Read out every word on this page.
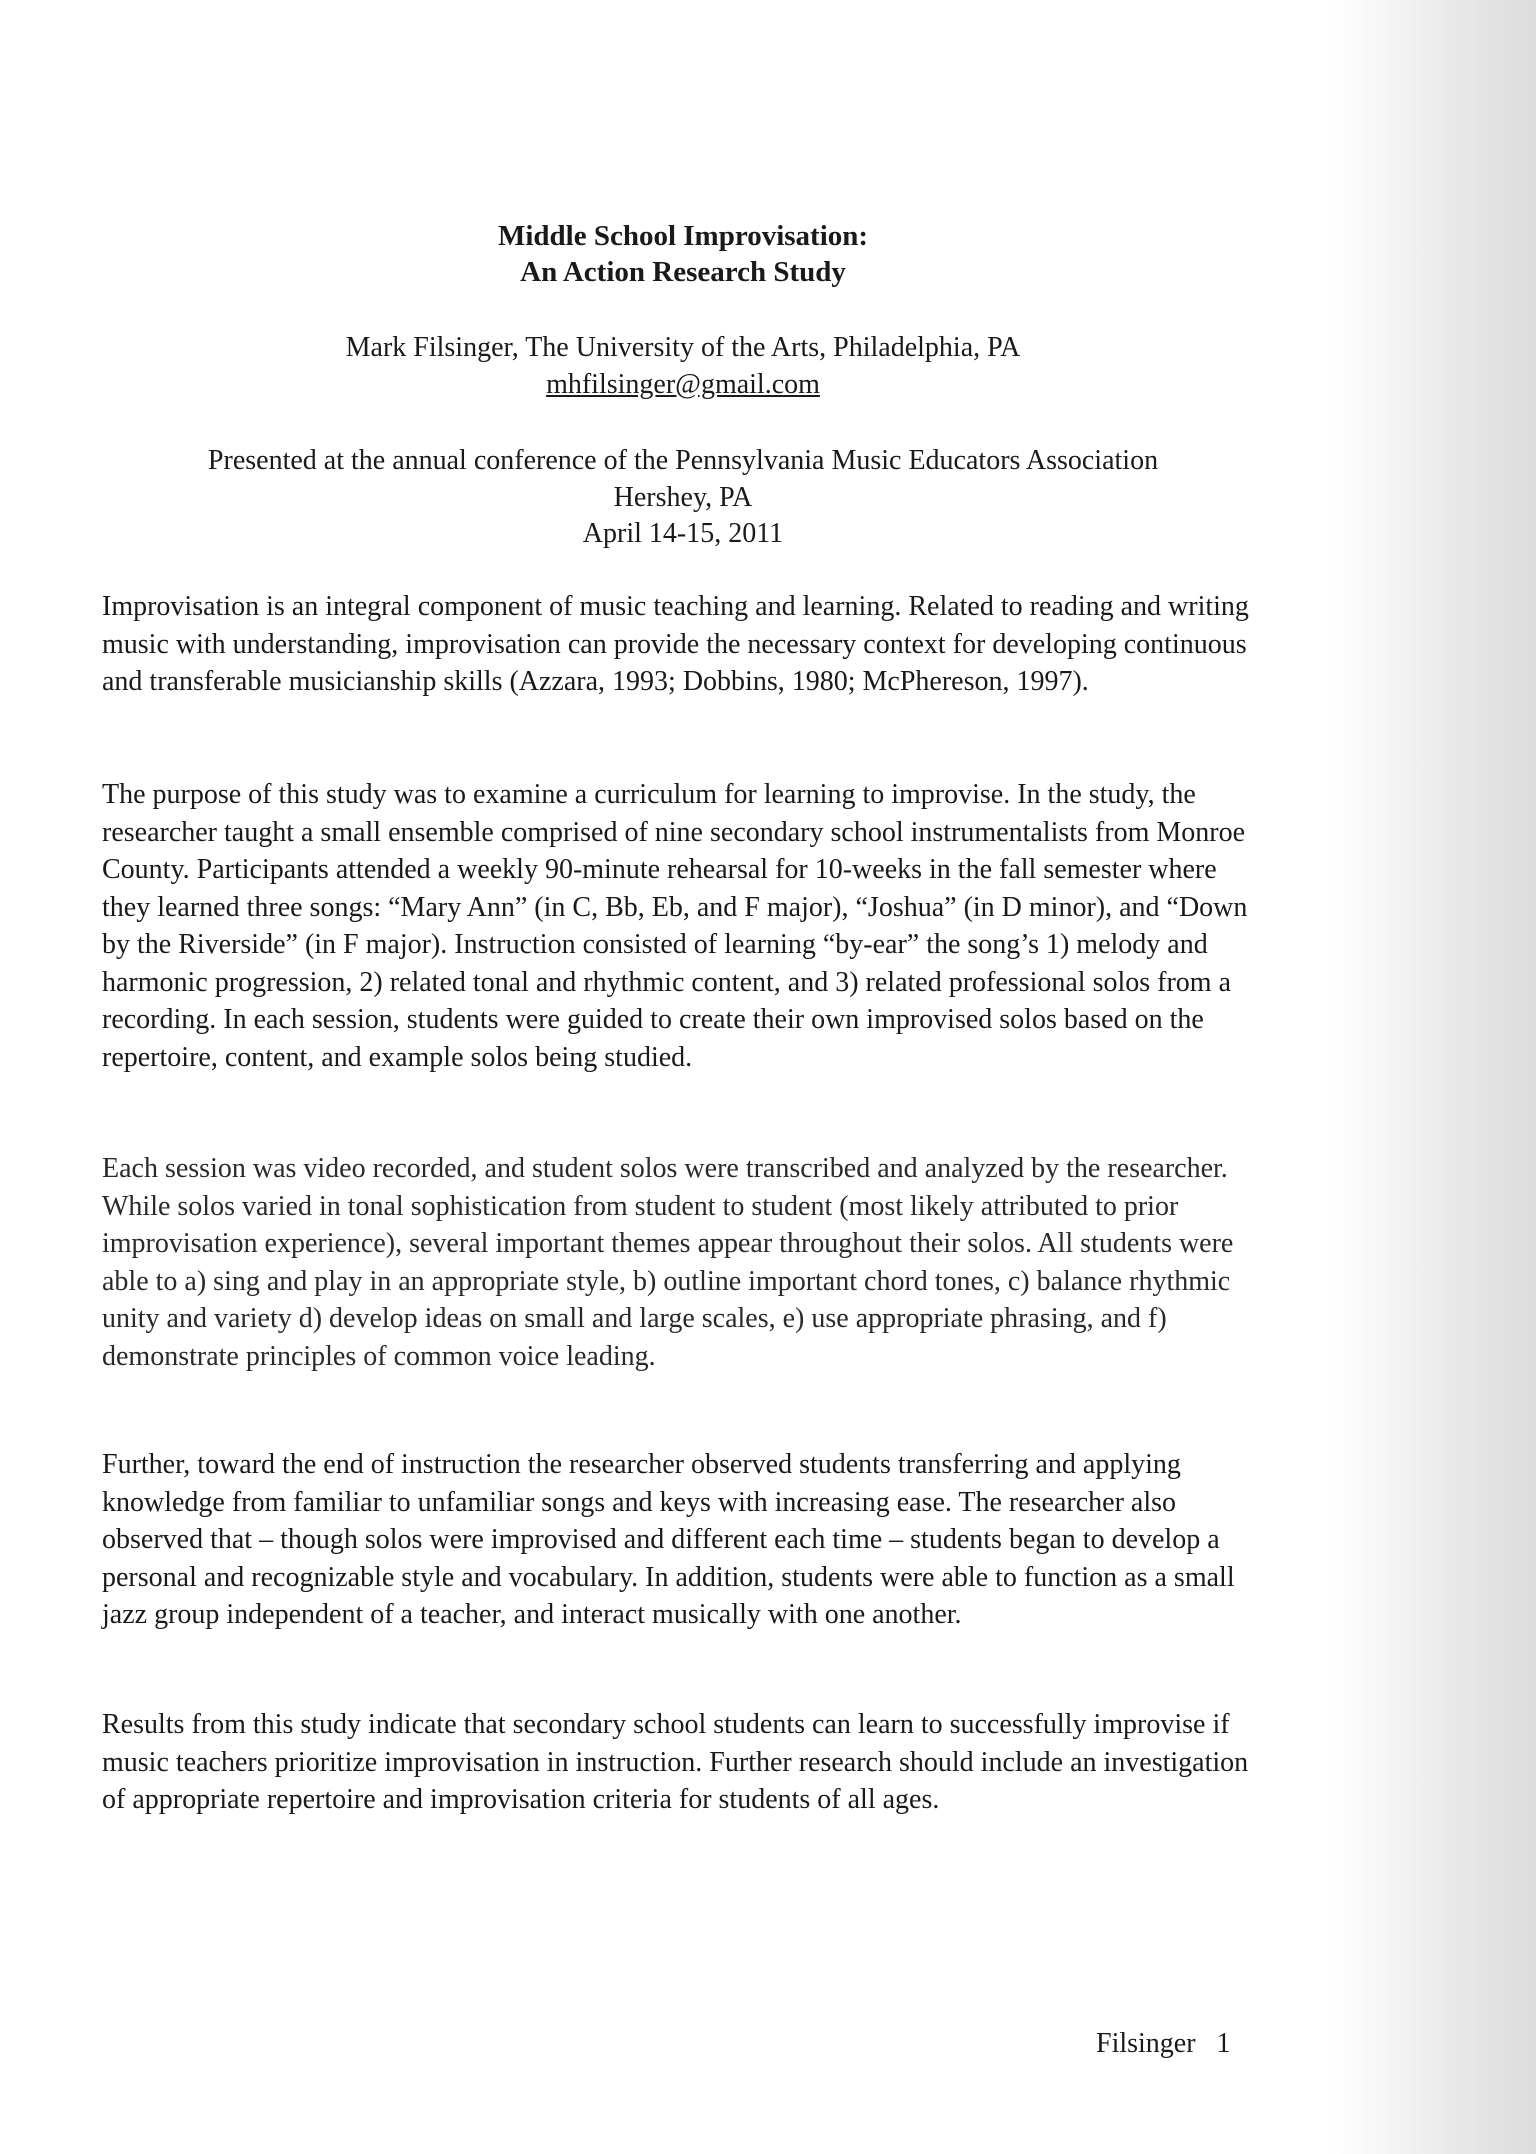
Middle School Improvisation:
An Action Research Study
Mark Filsinger, The University of the Arts, Philadelphia, PA
mhfilsinger@gmail.com
Presented at the annual conference of the Pennsylvania Music Educators Association
Hershey, PA
April 14-15, 2011

Improvisation is an integral component of music teaching and learning. Related to reading and writing music with understanding, improvisation can provide the necessary context for developing continuous and transferable musicianship skills (Azzara, 1993; Dobbins, 1980; McPhereson, 1997).

The purpose of this study was to examine a curriculum for learning to improvise. In the study, the researcher taught a small ensemble comprised of nine secondary school instrumentalists from Monroe County. Participants attended a weekly 90-minute rehearsal for 10-weeks in the fall semester where they learned three songs: “Mary Ann” (in C, Bb, Eb, and F major), “Joshua” (in D minor), and “Down by the Riverside” (in F major). Instruction consisted of learning “by-ear” the song’s 1) melody and harmonic progression, 2) related tonal and rhythmic content, and 3) related professional solos from a recording. In each session, students were guided to create their own improvised solos based on the repertoire, content, and example solos being studied.

Each session was video recorded, and student solos were transcribed and analyzed by the researcher. While solos varied in tonal sophistication from student to student (most likely attributed to prior improvisation experience), several important themes appear throughout their solos. All students were able to a) sing and play in an appropriate style, b) outline important chord tones, c) balance rhythmic unity and variety d) develop ideas on small and large scales, e) use appropriate phrasing, and f) demonstrate principles of common voice leading.

Further, toward the end of instruction the researcher observed students transferring and applying knowledge from familiar to unfamiliar songs and keys with increasing ease. The researcher also observed that – though solos were improvised and different each time – students began to develop a personal and recognizable style and vocabulary. In addition, students were able to function as a small jazz group independent of a teacher, and interact musically with one another.

Results from this study indicate that secondary school students can learn to successfully improvise if music teachers prioritize improvisation in instruction. Further research should include an investigation of appropriate repertoire and improvisation criteria for students of all ages.

Filsinger   1
